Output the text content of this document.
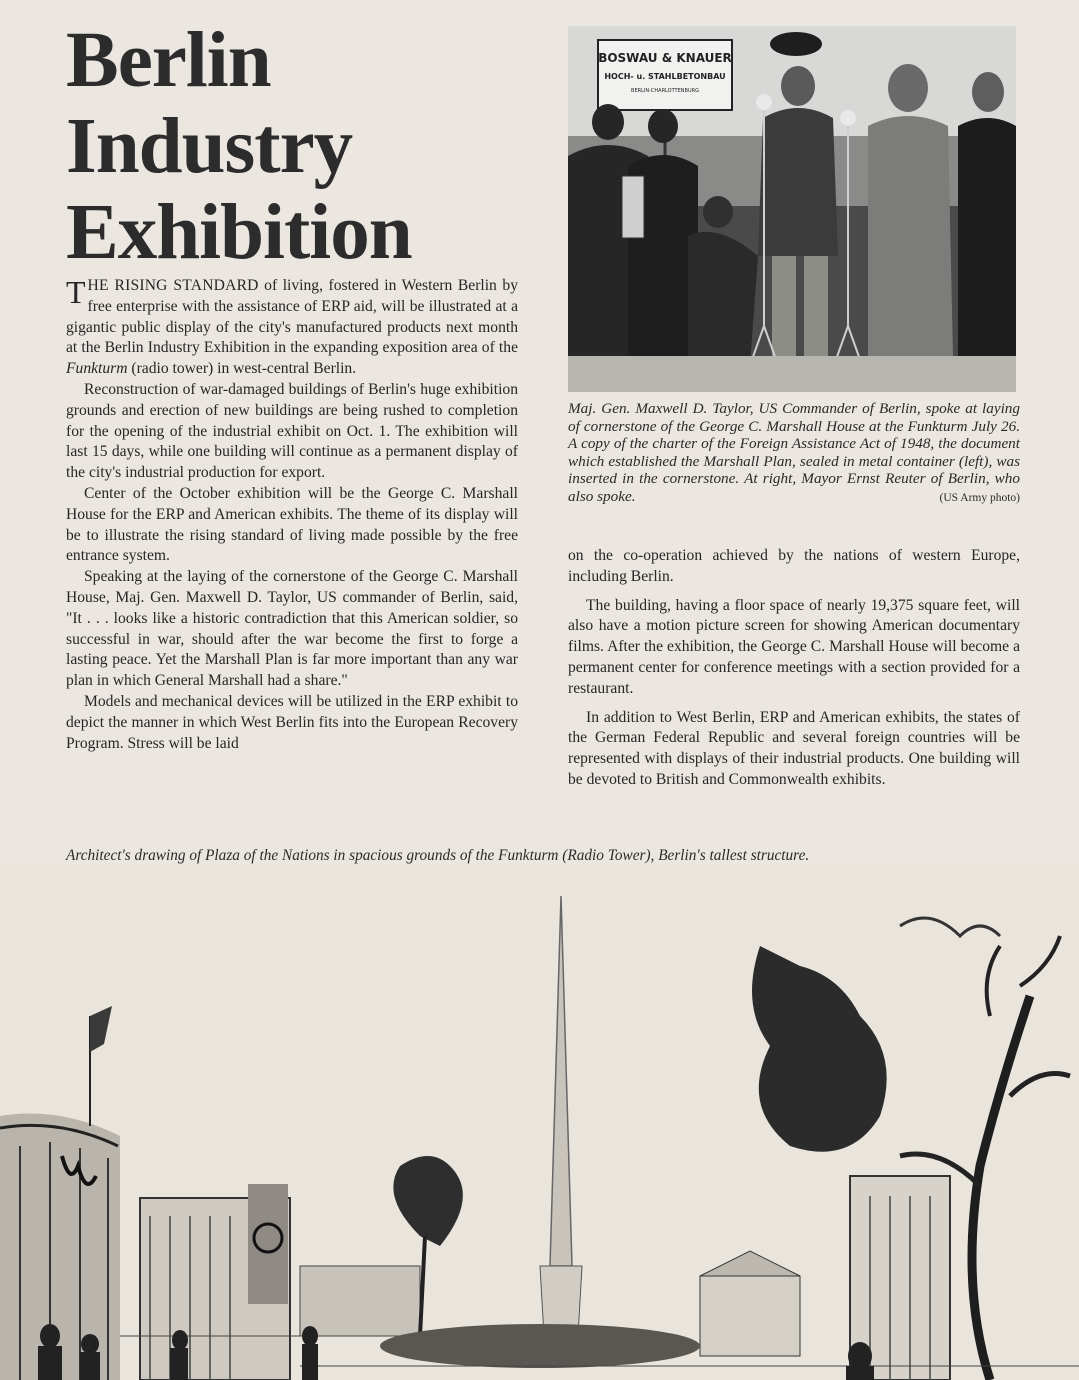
Berlin
Industry
Exhibition
BOSWAU & KNAUER
HOCH- u. STAHLBETONBAU
BERLIN-CHARLOTTENBURG
Maj. Gen. Maxwell D. Taylor, US Commander of Berlin, spoke at laying of cornerstone of the George C. Marshall House at the Funkturm July 26. A copy of the charter of the Foreign Assistance Act of 1948, the document which established the Marshall Plan, sealed in metal container (left), was inserted in the cornerstone. At right, Mayor Ernst Reuter of Berlin, who also spoke.	(US Army photo)

THE RISING STANDARD of living, fostered in Western Berlin by free enterprise with the assistance of ERP aid, will be illustrated at a gigantic public display of the city's manufactured products next month at the Berlin Industry Exhibition in the expanding exposition area of the Funkturm (radio tower) in west-central Berlin.

Reconstruction of war-damaged buildings of Berlin's huge exhibition grounds and erection of new buildings are being rushed to completion for the opening of the industrial exhibit on Oct. 1. The exhibition will last 15 days, while one building will continue as a permanent display of the city's industrial production for export.

Center of the October exhibition will be the George C. Marshall House for the ERP and American exhibits. The theme of its display will be to illustrate the rising standard of living made possible by the free entrance system.

Speaking at the laying of the cornerstone of the George C. Marshall House, Maj. Gen. Maxwell D. Taylor, US commander of Berlin, said, "It . . . looks like a historic contradiction that this American soldier, so successful in war, should after the war become the first to forge a lasting peace. Yet the Marshall Plan is far more important than any war plan in which General Marshall had a share."

Models and mechanical devices will be utilized in the ERP exhibit to depict the manner in which West Berlin fits into the European Recovery Program. Stress will be laid

on the co-operation achieved by the nations of western Europe, including Berlin.

The building, having a floor space of nearly 19,375 square feet, will also have a motion picture screen for showing American documentary films. After the exhibition, the George C. Marshall House will become a permanent center for conference meetings with a section provided for a restaurant.

In addition to West Berlin, ERP and American exhibits, the states of the German Federal Republic and several foreign countries will be represented with displays of their industrial products. One building will be devoted to British and Commonwealth exhibits.

Architect's drawing of Plaza of the Nations in spacious grounds of the Funkturm (Radio Tower), Berlin's tallest structure.
